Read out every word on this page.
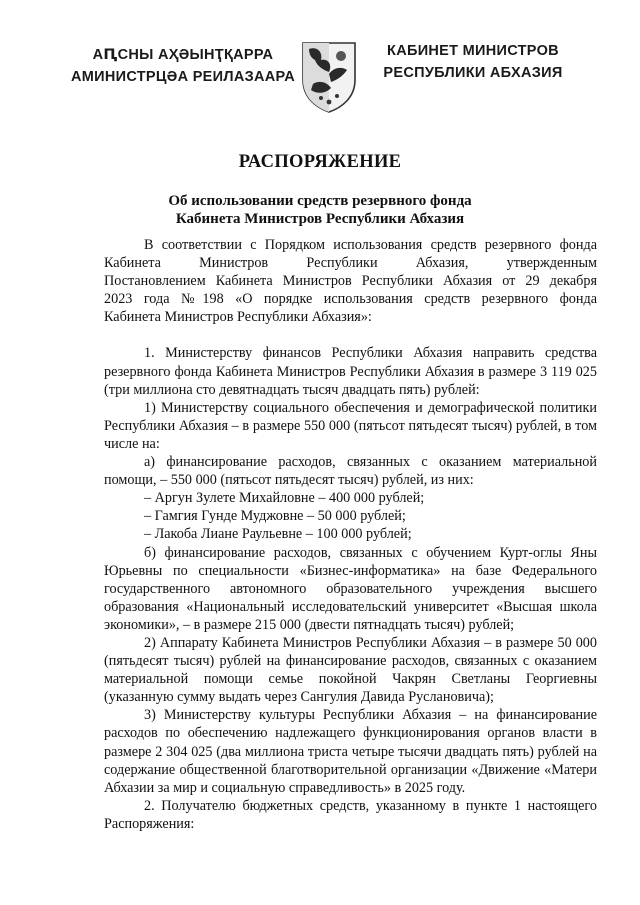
АԤСНЫ АҲӘЫНҬҚАРРА
АМИНИСТРЦӘА РЕИЛАЗААРА
КАБИНЕТ МИНИСТРОВ
РЕСПУБЛИКИ АБХАЗИЯ
РАСПОРЯЖЕНИЕ
Об использовании средств резервного фонда
Кабинета Министров Республики Абхазия

В соответствии с Порядком использования средств резервного фонда
Кабинета Министров Республики Абхазия, утвержденным
Постановлением Кабинета Министров Республики Абхазия от 29 декабря
2023 года №198 «О порядке использования средств резервного фонда
Кабинета Министров Республики Абхазия»:

1. Министерству финансов Республики Абхазия направить средства резервного фонда Кабинета Министров Республики Абхазия в размере 3 119 025 (три миллиона сто девятнадцать тысяч двадцать пять) рублей:

1) Министерству социального обеспечения и демографической политики Республики Абхазия – в размере 550 000 (пятьсот пятьдесят тысяч) рублей, в том числе на:

а) финансирование расходов, связанных с оказанием материальной помощи, – 550 000 (пятьсот пятьдесят тысяч) рублей, из них:

– Аргун Зулете Михайловне – 400 000 рублей;

– Гамгия Гунде Муджовне – 50 000 рублей;

– Лакоба Лиане Раульевне – 100 000 рублей;

б) финансирование расходов, связанных с обучением Курт-оглы Яны Юрьевны по специальности «Бизнес-информатика» на базе Федерального государственного автономного образовательного учреждения высшего образования «Национальный исследовательский университет «Высшая школа экономики», – в размере 215 000 (двести пятнадцать тысяч) рублей;

2) Аппарату Кабинета Министров Республики Абхазия – в размере 50 000 (пятьдесят тысяч) рублей на финансирование расходов, связанных с оказанием материальной помощи семье покойной Чакрян Светланы Георгиевны (указанную сумму выдать через Сангулия Давида Руслановича);

3) Министерству культуры Республики Абхазия – на финансирование расходов по обеспечению надлежащего функционирования органов власти в размере 2 304 025 (два миллиона триста четыре тысячи двадцать пять) рублей на содержание общественной благотворительной организации «Движение «Матери Абхазии за мир и социальную справедливость» в 2025 году.

2. Получателю бюджетных средств, указанному в пункте 1 настоящего Распоряжения:
